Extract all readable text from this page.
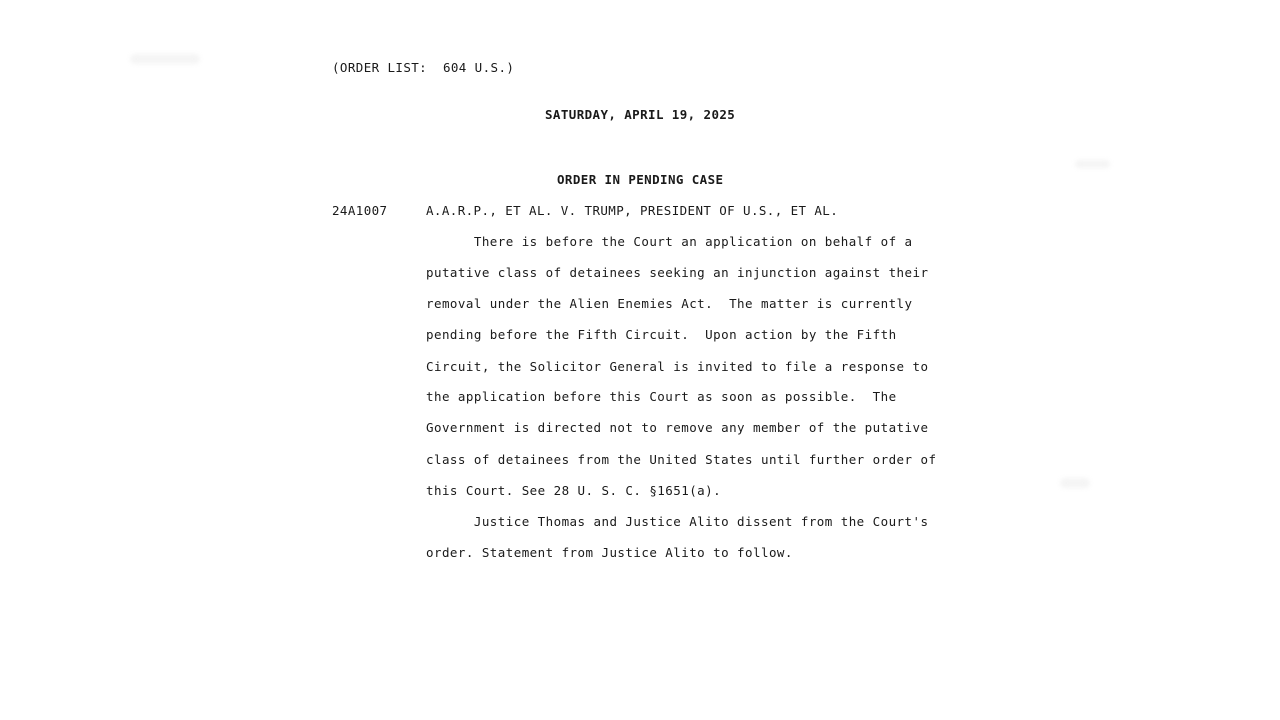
(ORDER LIST:  604 U.S.)
SATURDAY, APRIL 19, 2025
ORDER IN PENDING CASE
24A1007	A.A.R.P., ET AL. V. TRUMP, PRESIDENT OF U.S., ET AL.
There is before the Court an application on behalf of a
putative class of detainees seeking an injunction against their
removal under the Alien Enemies Act.  The matter is currently
pending before the Fifth Circuit.  Upon action by the Fifth
Circuit, the Solicitor General is invited to file a response to
the application before this Court as soon as possible.  The
Government is directed not to remove any member of the putative
class of detainees from the United States until further order of
this Court. See 28 U. S. C. §1651(a).
Justice Thomas and Justice Alito dissent from the Court's
order. Statement from Justice Alito to follow.
